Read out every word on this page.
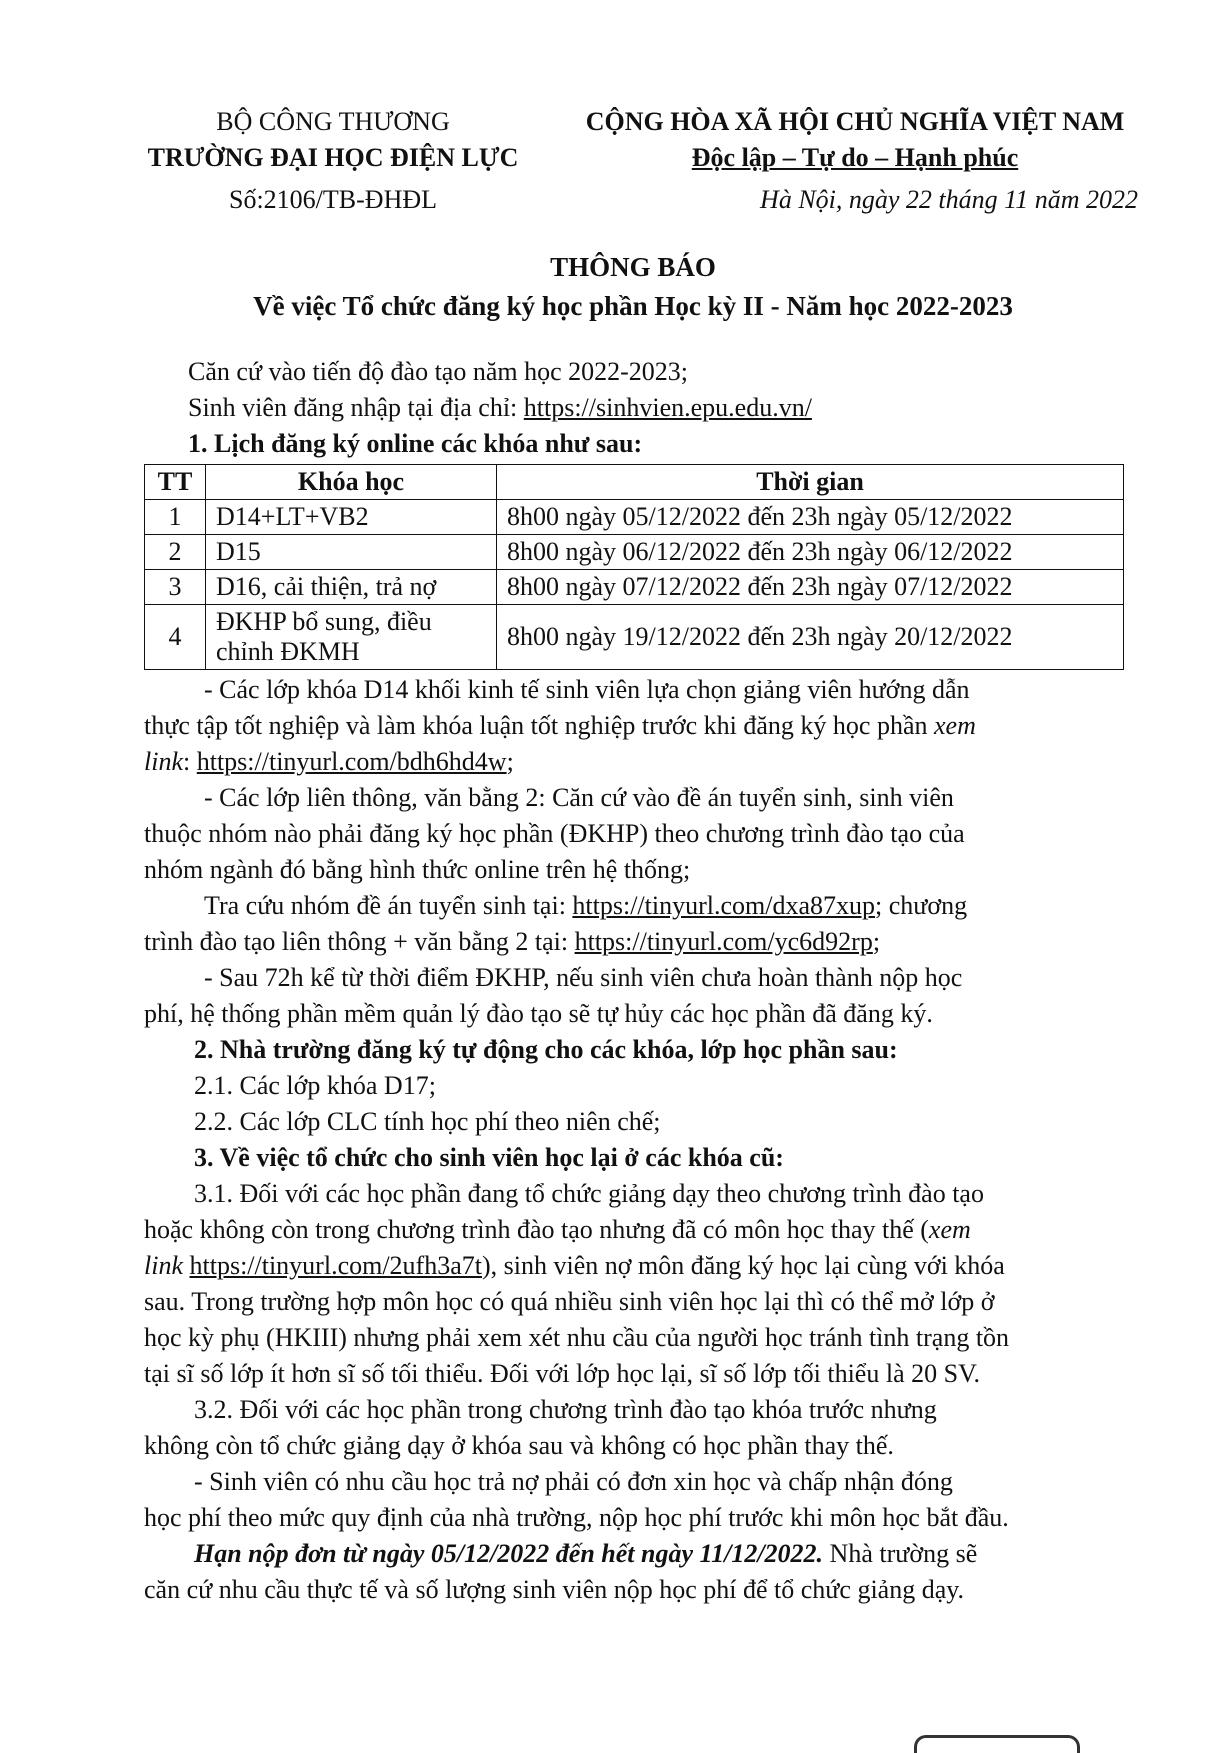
BỘ CÔNG THƯƠNG
TRƯỜNG ĐẠI HỌC ĐIỆN LỰC
Số:2106/TB-ĐHĐL
CỘNG HÒA XÃ HỘI CHỦ NGHĨA VIỆT NAM
Độc lập – Tự do – Hạnh phúc
Hà Nội, ngày 22 tháng 11 năm 2022
THÔNG BÁO
Về việc Tổ chức đăng ký học phần Học kỳ II - Năm học 2022-2023
Căn cứ vào tiến độ đào tạo năm học 2022-2023;
Sinh viên đăng nhập tại địa chỉ: https://sinhvien.epu.edu.vn/
1. Lịch đăng ký online các khóa như sau:
TT	Khóa học	Thời gian
1	D14+LT+VB2	8h00 ngày 05/12/2022 đến 23h ngày 05/12/2022
2	D15	8h00 ngày 06/12/2022 đến 23h ngày 06/12/2022
3	D16, cải thiện, trả nợ	8h00 ngày 07/12/2022 đến 23h ngày 07/12/2022
4	ĐKHP bổ sung, điều chỉnh ĐKMH	8h00 ngày 19/12/2022 đến 23h ngày 20/12/2022
- Các lớp khóa D14 khối kinh tế sinh viên lựa chọn giảng viên hướng dẫn
thực tập tốt nghiệp và làm khóa luận tốt nghiệp trước khi đăng ký học phần xem
link: https://tinyurl.com/bdh6hd4w;
- Các lớp liên thông, văn bằng 2: Căn cứ vào đề án tuyển sinh, sinh viên
thuộc nhóm nào phải đăng ký học phần (ĐKHP) theo chương trình đào tạo của
nhóm ngành đó bằng hình thức online trên hệ thống;
Tra cứu nhóm đề án tuyển sinh tại: https://tinyurl.com/dxa87xup; chương
trình đào tạo liên thông + văn bằng 2 tại: https://tinyurl.com/yc6d92rp;
- Sau 72h kể từ thời điểm ĐKHP, nếu sinh viên chưa hoàn thành nộp học
phí, hệ thống phần mềm quản lý đào tạo sẽ tự hủy các học phần đã đăng ký.
2. Nhà trường đăng ký tự động cho các khóa, lớp học phần sau:
2.1. Các lớp khóa D17;
2.2. Các lớp CLC tính học phí theo niên chế;
3. Về việc tổ chức cho sinh viên học lại ở các khóa cũ:
3.1. Đối với các học phần đang tổ chức giảng dạy theo chương trình đào tạo
hoặc không còn trong chương trình đào tạo nhưng đã có môn học thay thế (xem
link https://tinyurl.com/2ufh3a7t), sinh viên nợ môn đăng ký học lại cùng với khóa
sau. Trong trường hợp môn học có quá nhiều sinh viên học lại thì có thể mở lớp ở
học kỳ phụ (HKIII) nhưng phải xem xét nhu cầu của người học tránh tình trạng tồn
tại sĩ số lớp ít hơn sĩ số tối thiểu. Đối với lớp học lại, sĩ số lớp tối thiểu là 20 SV.
3.2. Đối với các học phần trong chương trình đào tạo khóa trước nhưng
không còn tổ chức giảng dạy ở khóa sau và không có học phần thay thế.
- Sinh viên có nhu cầu học trả nợ phải có đơn xin học và chấp nhận đóng
học phí theo mức quy định của nhà trường, nộp học phí trước khi môn học bắt đầu.
Hạn nộp đơn từ ngày 05/12/2022 đến hết ngày 11/12/2022. Nhà trường sẽ
căn cứ nhu cầu thực tế và số lượng sinh viên nộp học phí để tổ chức giảng dạy.
